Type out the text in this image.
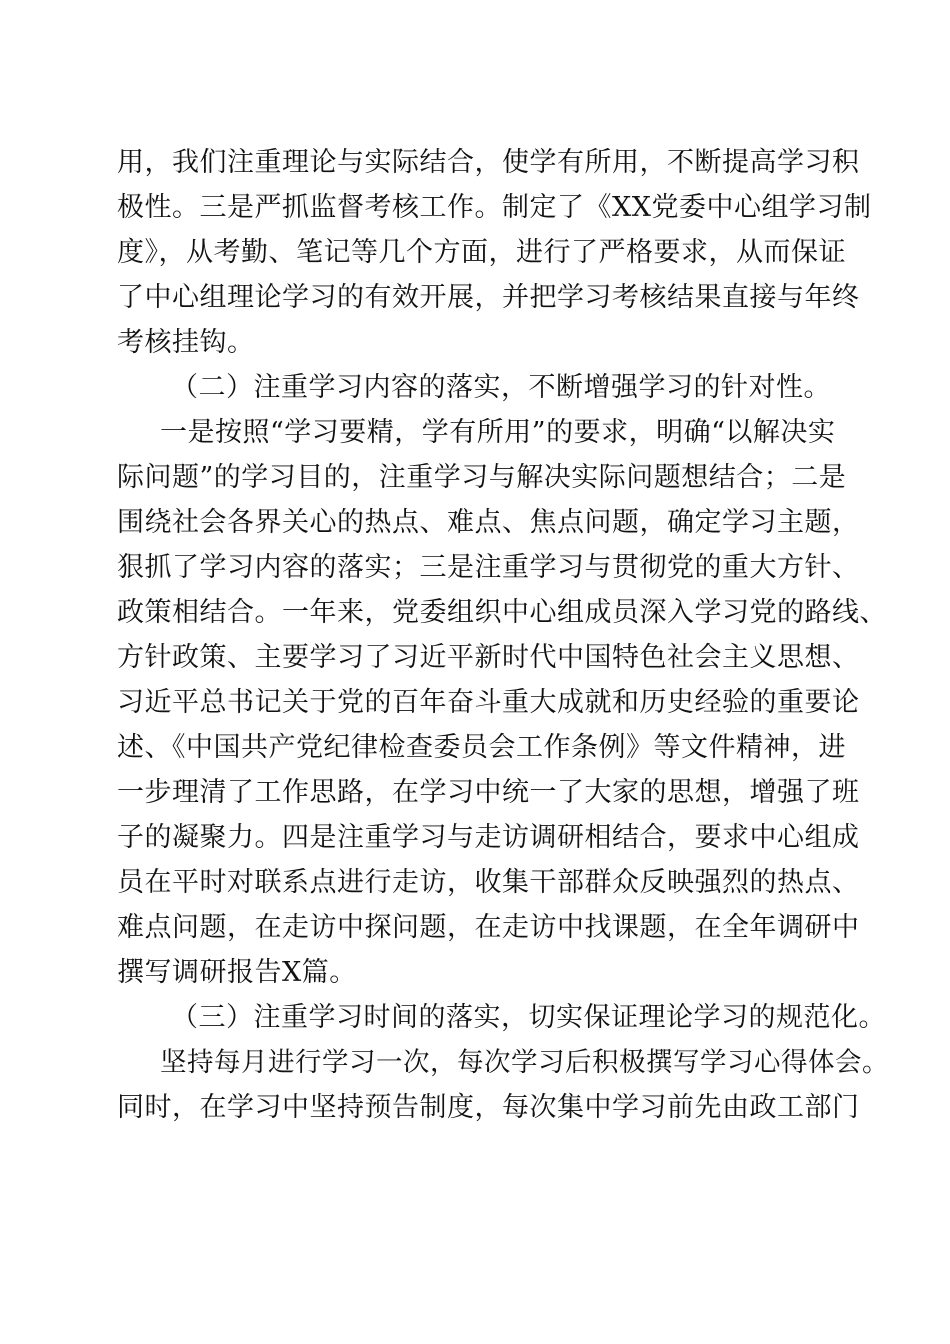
用，我们注重理论与实际结合，使学有所用，不断提高学习积
极性。三是严抓监督考核工作。制定了《XX党委中心组学习制
度》，从考勤、笔记等几个方面，进行了严格要求，从而保证
了中心组理论学习的有效开展，并把学习考核结果直接与年终
考核挂钩。
（二）注重学习内容的落实，不断增强学习的针对性。
一是按照“学习要精，学有所用”的要求，明确“以解决实
际问题”的学习目的，注重学习与解决实际问题想结合；二是
围绕社会各界关心的热点、难点、焦点问题，确定学习主题，
狠抓了学习内容的落实；三是注重学习与贯彻党的重大方针、
政策相结合。一年来，党委组织中心组成员深入学习党的路线、
方针政策、主要学习了习近平新时代中国特色社会主义思想、
习近平总书记关于党的百年奋斗重大成就和历史经验的重要论
述、《中国共产党纪律检查委员会工作条例》等文件精神，进
一步理清了工作思路，在学习中统一了大家的思想，增强了班
子的凝聚力。四是注重学习与走访调研相结合，要求中心组成
员在平时对联系点进行走访，收集干部群众反映强烈的热点、
难点问题，在走访中探问题，在走访中找课题，在全年调研中
撰写调研报告X篇。
（三）注重学习时间的落实，切实保证理论学习的规范化。
坚持每月进行学习一次，每次学习后积极撰写学习心得体会。
同时，在学习中坚持预告制度，每次集中学习前先由政工部门
